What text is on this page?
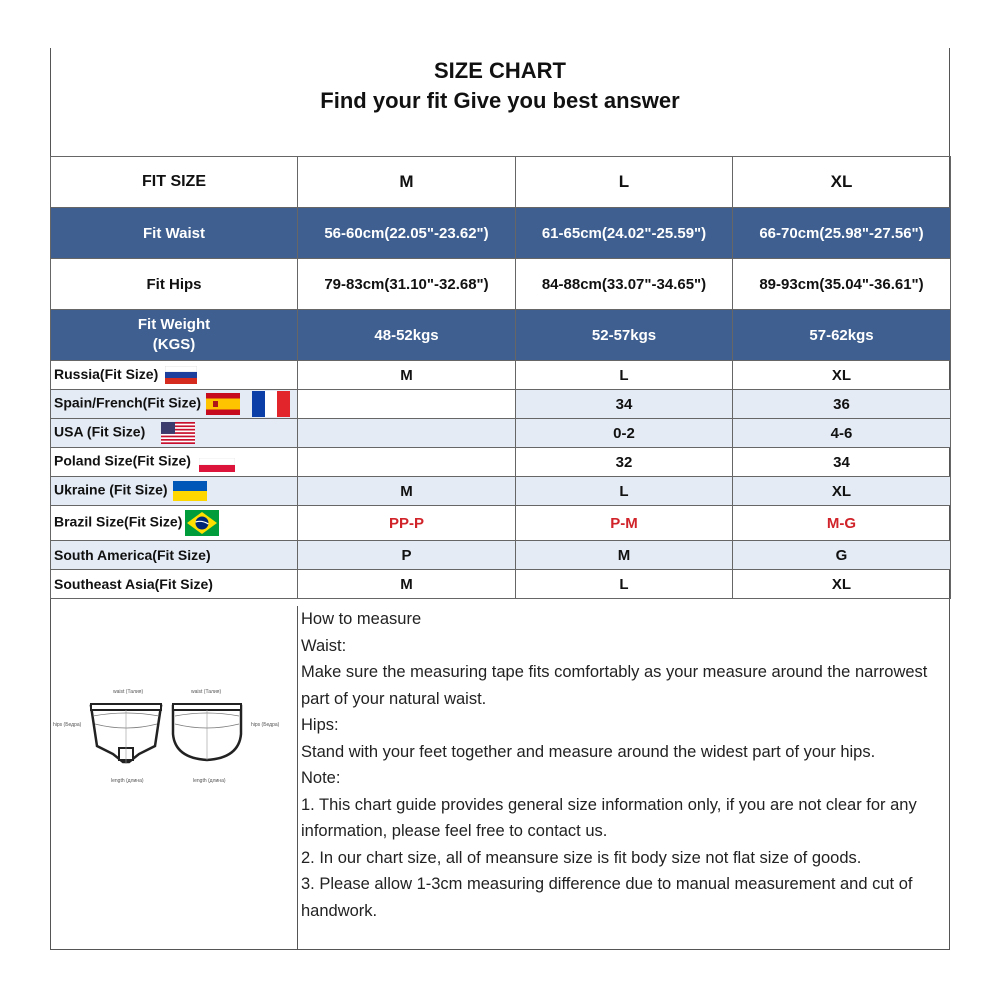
SIZE CHART
Find your fit Give you best answer
FIT SIZE	M	L	XL
Fit Waist	56-60cm(22.05"-23.62")	61-65cm(24.02"-25.59")	66-70cm(25.98"-27.56")
Fit Hips	79-83cm(31.10"-32.68")	84-88cm(33.07"-34.65")	89-93cm(35.04"-36.61")

Fit Weight
(KGS)	48-52kgs	52-57kgs	57-62kgs
Russia(Fit Size)	M	L	XL
Spain/French(Fit Size)		34	36
USA (Fit Size)		0-2	4-6
Poland Size(Fit Size)		32	34
Ukraine (Fit Size)	M	L	XL
Brazil Size(Fit Size)	PP-P	P-M	M-G
South America(Fit Size)	P	M	G
Southeast Asia(Fit Size)	M	L	XL
waist (Талия)
hips (Бедра)
length (длина)
waist (Талия)
hips (Бедра)
length (длина)

How to measure

Waist:

Make sure the measuring tape fits comfortably as your measure around the narrowest part of your natural waist.

Hips:

Stand with your feet together and measure around the widest part of your hips.

Note:

1. This chart guide provides general size information only, if you are not clear for any information, please feel free to contact us.

2. In our chart size, all of meansure size is fit body size not flat size of goods.

3. Please allow 1-3cm measuring difference due to manual measurement and cut of handwork.
